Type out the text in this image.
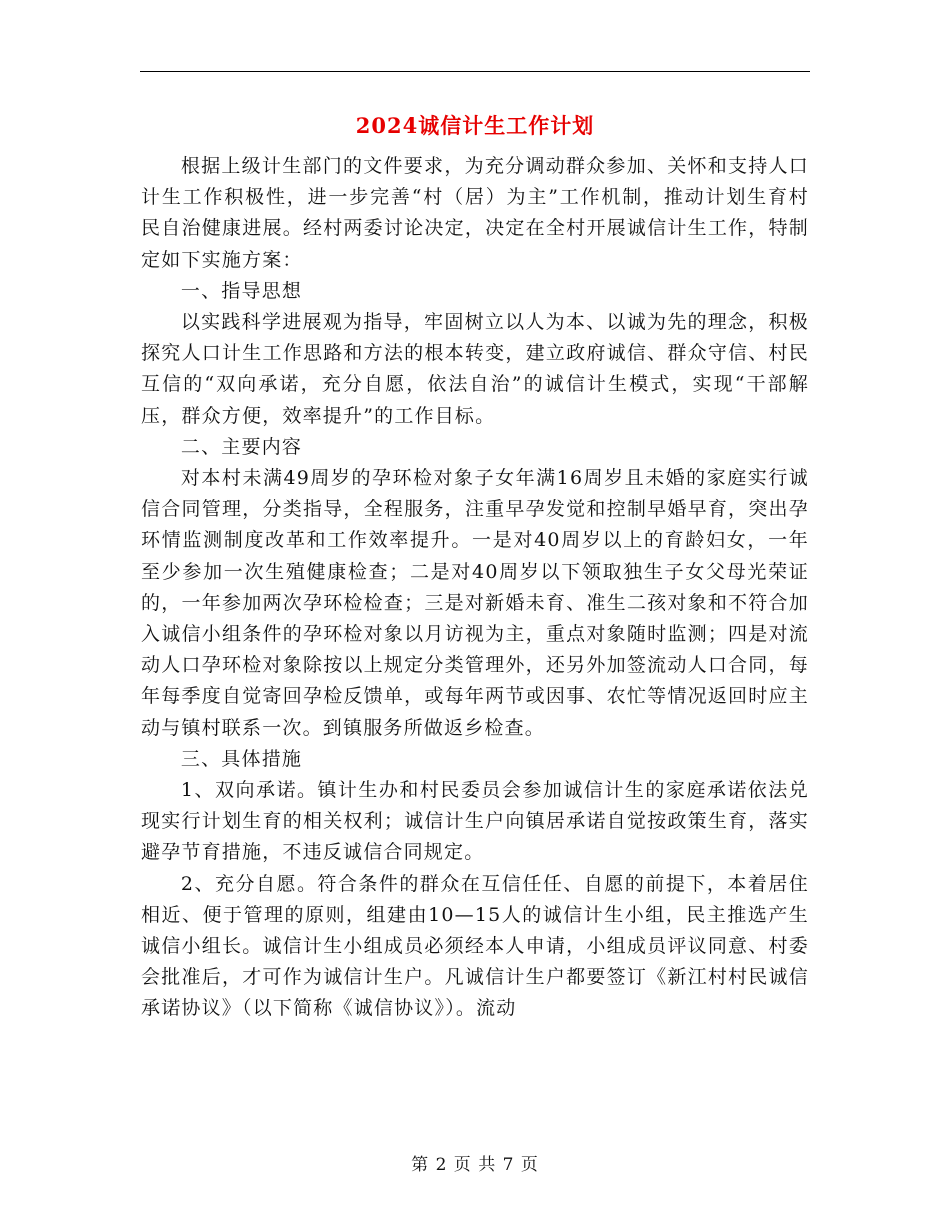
2024诚信计生工作计划

根据上级计生部门的文件要求，为充分调动群众参加、关怀和支持人口计生工作积极性，进一步完善“村（居）为主”工作机制，推动计划生育村民自治健康进展。经村两委讨论决定，决定在全村开展诚信计生工作，特制定如下实施方案：

一、指导思想

以实践科学进展观为指导，牢固树立以人为本、以诚为先的理念，积极探究人口计生工作思路和方法的根本转变，建立政府诚信、群众守信、村民互信的“双向承诺，充分自愿，依法自治”的诚信计生模式，实现“干部解压，群众方便，效率提升”的工作目标。

二、主要内容

对本村未满49周岁的孕环检对象子女年满16周岁且未婚的家庭实行诚信合同管理，分类指导，全程服务，注重早孕发觉和控制早婚早育，突出孕环情监测制度改革和工作效率提升。一是对40周岁以上的育龄妇女，一年至少参加一次生殖健康检查；二是对40周岁以下领取独生子女父母光荣证的，一年参加两次孕环检检查；三是对新婚未育、准生二孩对象和不符合加入诚信小组条件的孕环检对象以月访视为主，重点对象随时监测；四是对流动人口孕环检对象除按以上规定分类管理外，还另外加签流动人口合同，每年每季度自觉寄回孕检反馈单，或每年两节或因事、农忙等情况返回时应主动与镇村联系一次。到镇服务所做返乡检查。

三、具体措施

1、双向承诺。镇计生办和村民委员会参加诚信计生的家庭承诺依法兑现实行计划生育的相关权利；诚信计生户向镇居承诺自觉按政策生育，落实避孕节育措施，不违反诚信合同规定。

2、充分自愿。符合条件的群众在互信任任、自愿的前提下，本着居住相近、便于管理的原则，组建由10—15人的诚信计生小组，民主推选产生诚信小组长。诚信计生小组成员必须经本人申请，小组成员评议同意、村委会批准后，才可作为诚信计生户。凡诚信计生户都要签订《新江村村民诚信承诺协议》（以下简称《诚信协议》）。流动

第 2 页 共 7 页
